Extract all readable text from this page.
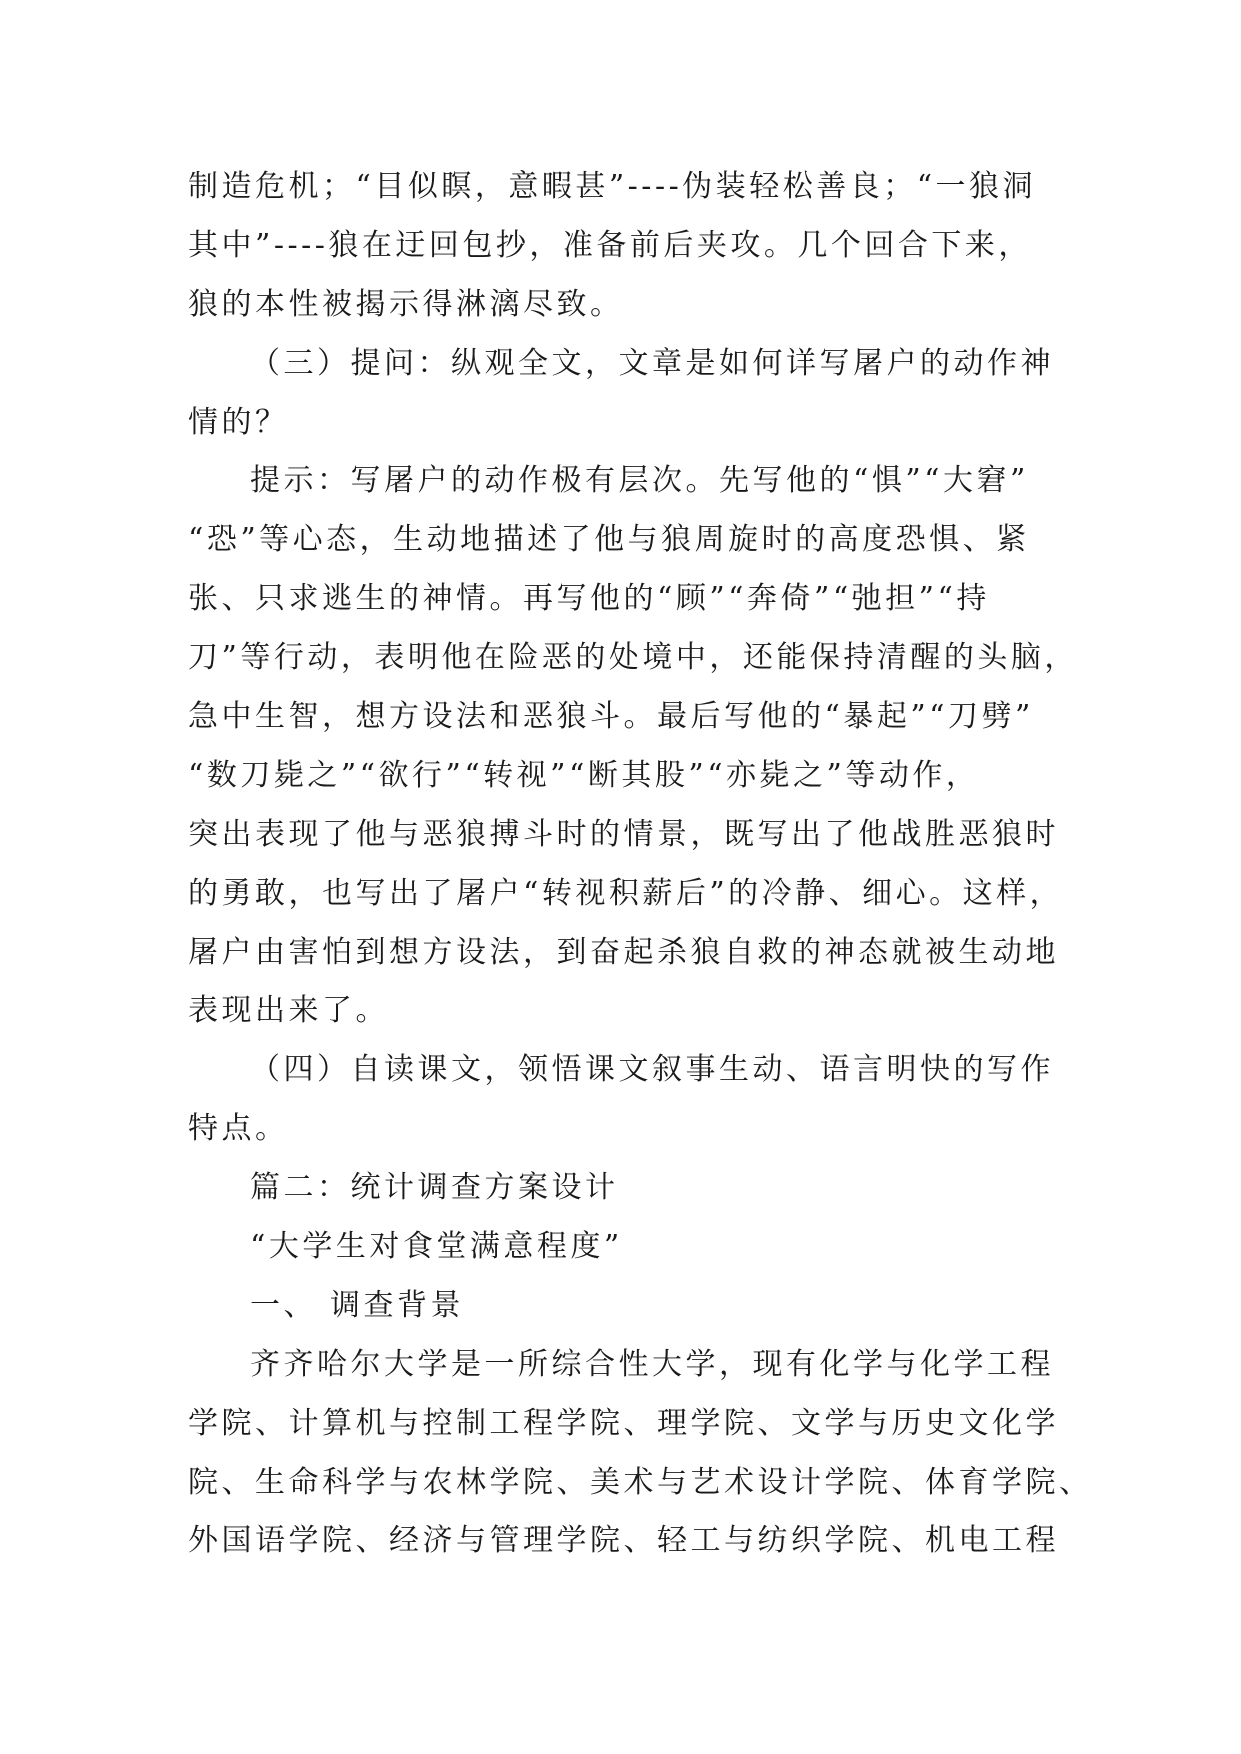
制造危机；“目似瞑，意暇甚”----伪装轻松善良；“一狼洞
其中”----狼在迂回包抄，准备前后夹攻。几个回合下来，
狼的本性被揭示得淋漓尽致。
（三）提问：纵观全文，文章是如何详写屠户的动作神
情的？
提示：写屠户的动作极有层次。先写他的“惧”“大窘”
“恐”等心态，生动地描述了他与狼周旋时的高度恐惧、紧
张、只求逃生的神情。再写他的“顾”“奔倚”“弛担”“持
刀”等行动，表明他在险恶的处境中，还能保持清醒的头脑，
急中生智，想方设法和恶狼斗。最后写他的“暴起”“刀劈”
“数刀毙之”“欲行”“转视”“断其股”“亦毙之”等动作，
突出表现了他与恶狼搏斗时的情景，既写出了他战胜恶狼时
的勇敢，也写出了屠户“转视积薪后”的冷静、细心。这样，
屠户由害怕到想方设法，到奋起杀狼自救的神态就被生动地
表现出来了。
（四）自读课文，领悟课文叙事生动、语言明快的写作
特点。
篇二：统计调查方案设计
“大学生对食堂满意程度”
一、 调查背景
齐齐哈尔大学是一所综合性大学，现有化学与化学工程
学院、计算机与控制工程学院、理学院、文学与历史文化学
院、生命科学与农林学院、美术与艺术设计学院、体育学院、
外国语学院、经济与管理学院、轻工与纺织学院、机电工程
